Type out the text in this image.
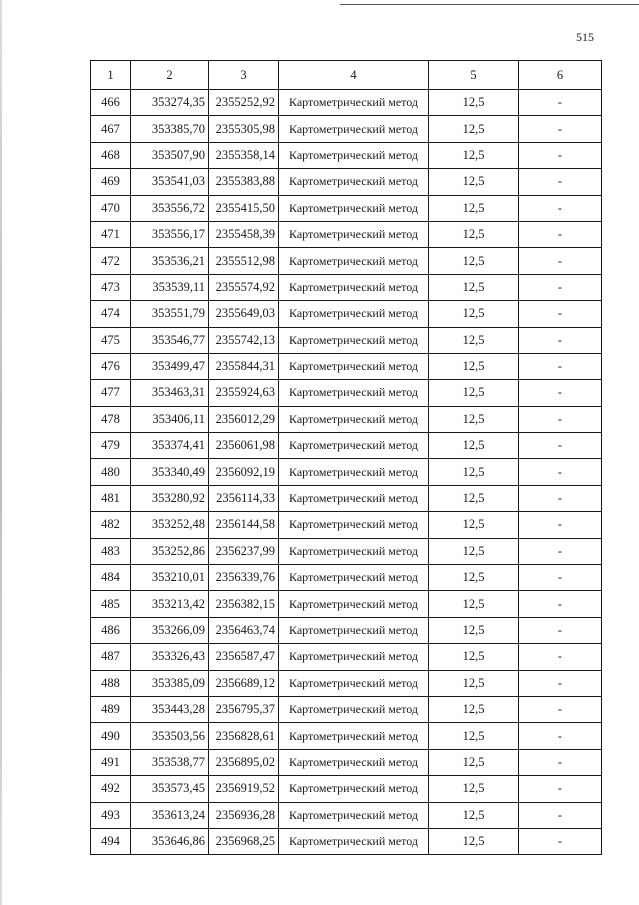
515
1	2	3	4	5	6
466	353274,35	2355252,92	Картометрический метод	12,5	-
467	353385,70	2355305,98	Картометрический метод	12,5	-
468	353507,90	2355358,14	Картометрический метод	12,5	-
469	353541,03	2355383,88	Картометрический метод	12,5	-
470	353556,72	2355415,50	Картометрический метод	12,5	-
471	353556,17	2355458,39	Картометрический метод	12,5	-
472	353536,21	2355512,98	Картометрический метод	12,5	-
473	353539,11	2355574,92	Картометрический метод	12,5	-
474	353551,79	2355649,03	Картометрический метод	12,5	-
475	353546,77	2355742,13	Картометрический метод	12,5	-
476	353499,47	2355844,31	Картометрический метод	12,5	-
477	353463,31	2355924,63	Картометрический метод	12,5	-
478	353406,11	2356012,29	Картометрический метод	12,5	-
479	353374,41	2356061,98	Картометрический метод	12,5	-
480	353340,49	2356092,19	Картометрический метод	12,5	-
481	353280,92	2356114,33	Картометрический метод	12,5	-
482	353252,48	2356144,58	Картометрический метод	12,5	-
483	353252,86	2356237,99	Картометрический метод	12,5	-
484	353210,01	2356339,76	Картометрический метод	12,5	-
485	353213,42	2356382,15	Картометрический метод	12,5	-
486	353266,09	2356463,74	Картометрический метод	12,5	-
487	353326,43	2356587,47	Картометрический метод	12,5	-
488	353385,09	2356689,12	Картометрический метод	12,5	-
489	353443,28	2356795,37	Картометрический метод	12,5	-
490	353503,56	2356828,61	Картометрический метод	12,5	-
491	353538,77	2356895,02	Картометрический метод	12,5	-
492	353573,45	2356919,52	Картометрический метод	12,5	-
493	353613,24	2356936,28	Картометрический метод	12,5	-
494	353646,86	2356968,25	Картометрический метод	12,5	-
